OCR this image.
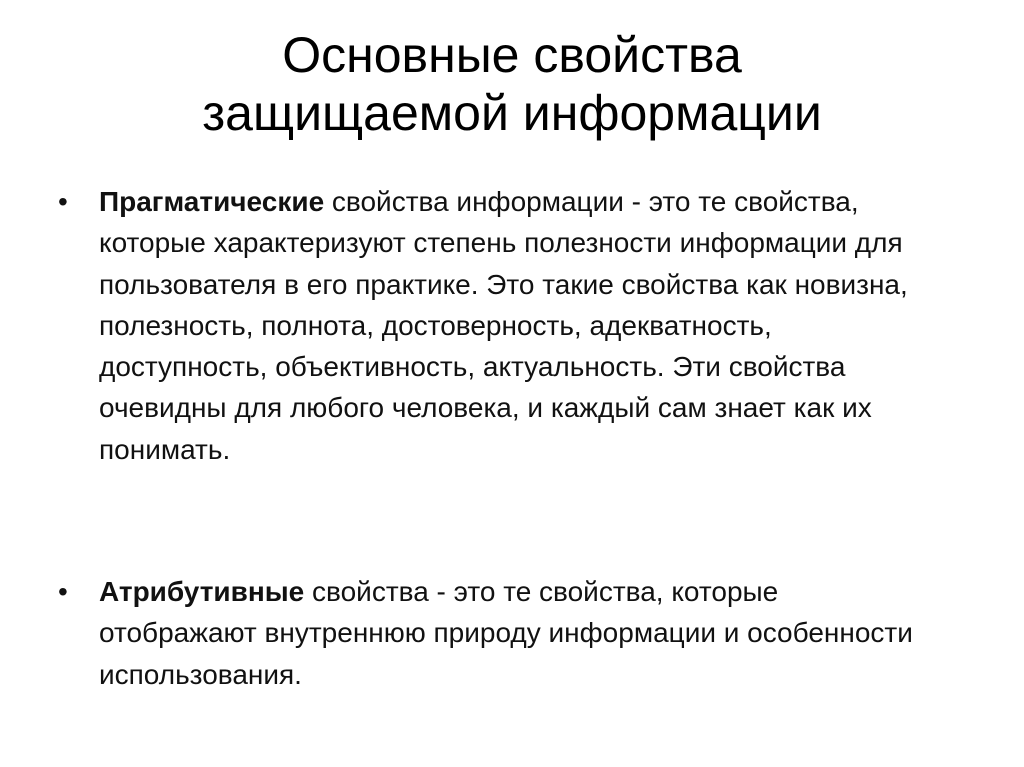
Основные свойства
защищаемой информации
•	Прагматические свойства информации - это те свойства, которые характеризуют степень полезности информации для пользователя в его практике. Это такие свойства как новизна, полезность, полнота, достоверность, адекватность, доступность, объективность, актуальность. Эти свойства очевидны для любого человека, и каждый сам знает как их понимать.
•	Атрибутивные свойства - это те свойства, которые отображают внутреннюю природу информации и особенности использования.
